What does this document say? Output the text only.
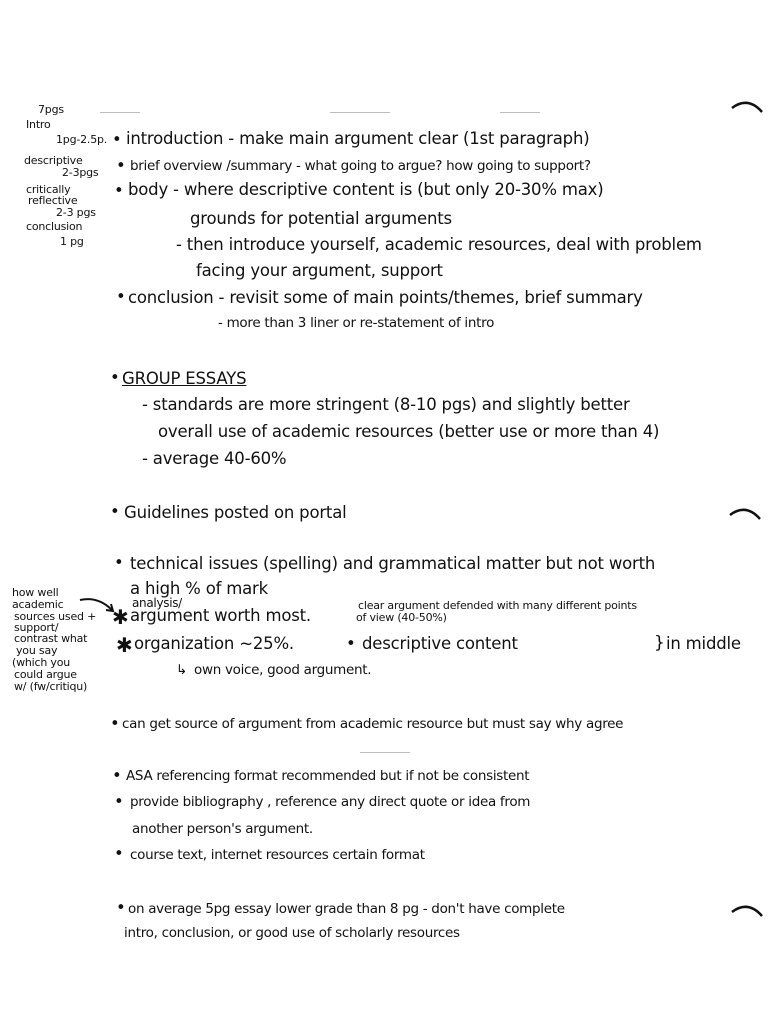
7pgs
Intro
1pg-2.5p.
descriptive
2-3pgs
critically
reflective
2-3 pgs
conclusion
1 pg
• introduction - make main argument clear (1st paragraph)
• brief overview /summary - what going to argue? how going to support?
• body - where descriptive content is (but only 20-30% max)
grounds for potential arguments
- then introduce yourself, academic resources, deal with problem
facing your argument, support
• conclusion - revisit some of main points/themes, brief summary
- more than 3 liner or re-statement of intro
• GROUP ESSAYS
- standards are more stringent (8-10 pgs) and slightly better
overall use of academic resources (better use or more than 4)
- average 40-60%
• Guidelines posted on portal
• technical issues (spelling) and grammatical matter but not worth
a high % of mark
how well
academic
sources used +
support/
contrast what
you say
(which you
could argue
w/ (fw/critiqu)
analysis/
✱ argument worth most.
clear argument defended with many different points
of view (40-50%)
✱ organization ~25%.	• descriptive content	} in middle
↳ own voice, good argument.
• can get source of argument from academic resource but must say why agree
• ASA referencing format recommended but if not be consistent
• provide bibliography , reference any direct quote or idea from
another person's argument.
• course text, internet resources certain format
• on average 5pg essay lower grade than 8 pg - don't have complete
intro, conclusion, or good use of scholarly resources
